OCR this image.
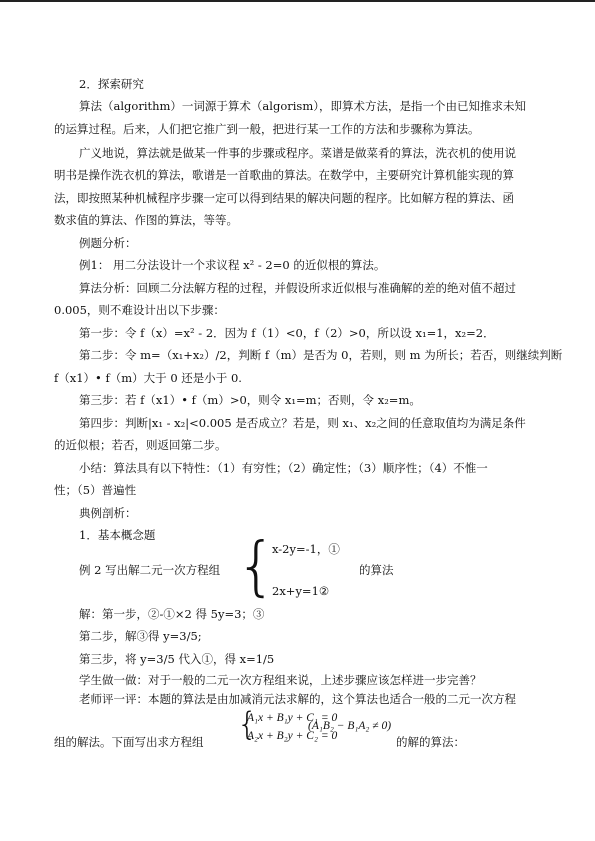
2．探索研究
算法（algorithm）一词源于算术（algorism），即算术方法，是指一个由已知推求未知
的运算过程。后来，人们把它推广到一般，把进行某一工作的方法和步骤称为算法。
广义地说，算法就是做某一件事的步骤或程序。菜谱是做菜肴的算法，洗衣机的使用说
明书是操作洗衣机的算法，歌谱是一首歌曲的算法。在数学中，主要研究计算机能实现的算
法，即按照某种机械程序步骤一定可以得到结果的解决问题的程序。比如解方程的算法、函
数求值的算法、作图的算法，等等。
例题分析：
例1： 用二分法设计一个求议程 x² - 2=0 的近似根的算法。
算法分析：回顾二分法解方程的过程，并假设所求近似根与准确解的差的绝对值不超过
0.005，则不难设计出以下步骤：
第一步：令 f（x）=x² - 2．因为 f（1）<0，f（2）>0，所以设 x₁=1，x₂=2．
第二步：令 m=（x₁+x₂）/2，判断 f（m）是否为 0，若则，则 m 为所长；若否，则继续判断
f（x1）• f（m）大于 0 还是小于 0.
第三步：若 f（x1）• f（m）>0，则令 x₁=m；否则，令 x₂=m。
第四步：判断|x₁ - x₂|<0.005 是否成立？若是，则 x₁、x₂之间的任意取值均为满足条件
的近似根；若否，则返回第二步。
小结：算法具有以下特性：（1）有穷性；（2）确定性；（3）顺序性；（4）不惟一
性；（5）普遍性
典例剖析：
1．基本概念题
例 2 写出解二元一次方程组 {
x-2y=-1，①
2x+y=1②
的算法
解：第一步，②-①×2 得 5y=3；③
第二步，解③得 y=3/5;
第三步，将 y=3/5 代入①，得 x=1/5
学生做一做：对于一般的二元一次方程组来说，上述步骤应该怎样进一步完善？
老师评一评：本题的算法是由加减消元法求解的，这个算法也适合一般的二元一次方程
组的解法。下面写出求方程组 {
A₁x + B₁y + C₁ = 0
A₂x + B₂y + C₂ = 0
(A₁B₂ − B₁A₂ ≠ 0)
的解的算法：
